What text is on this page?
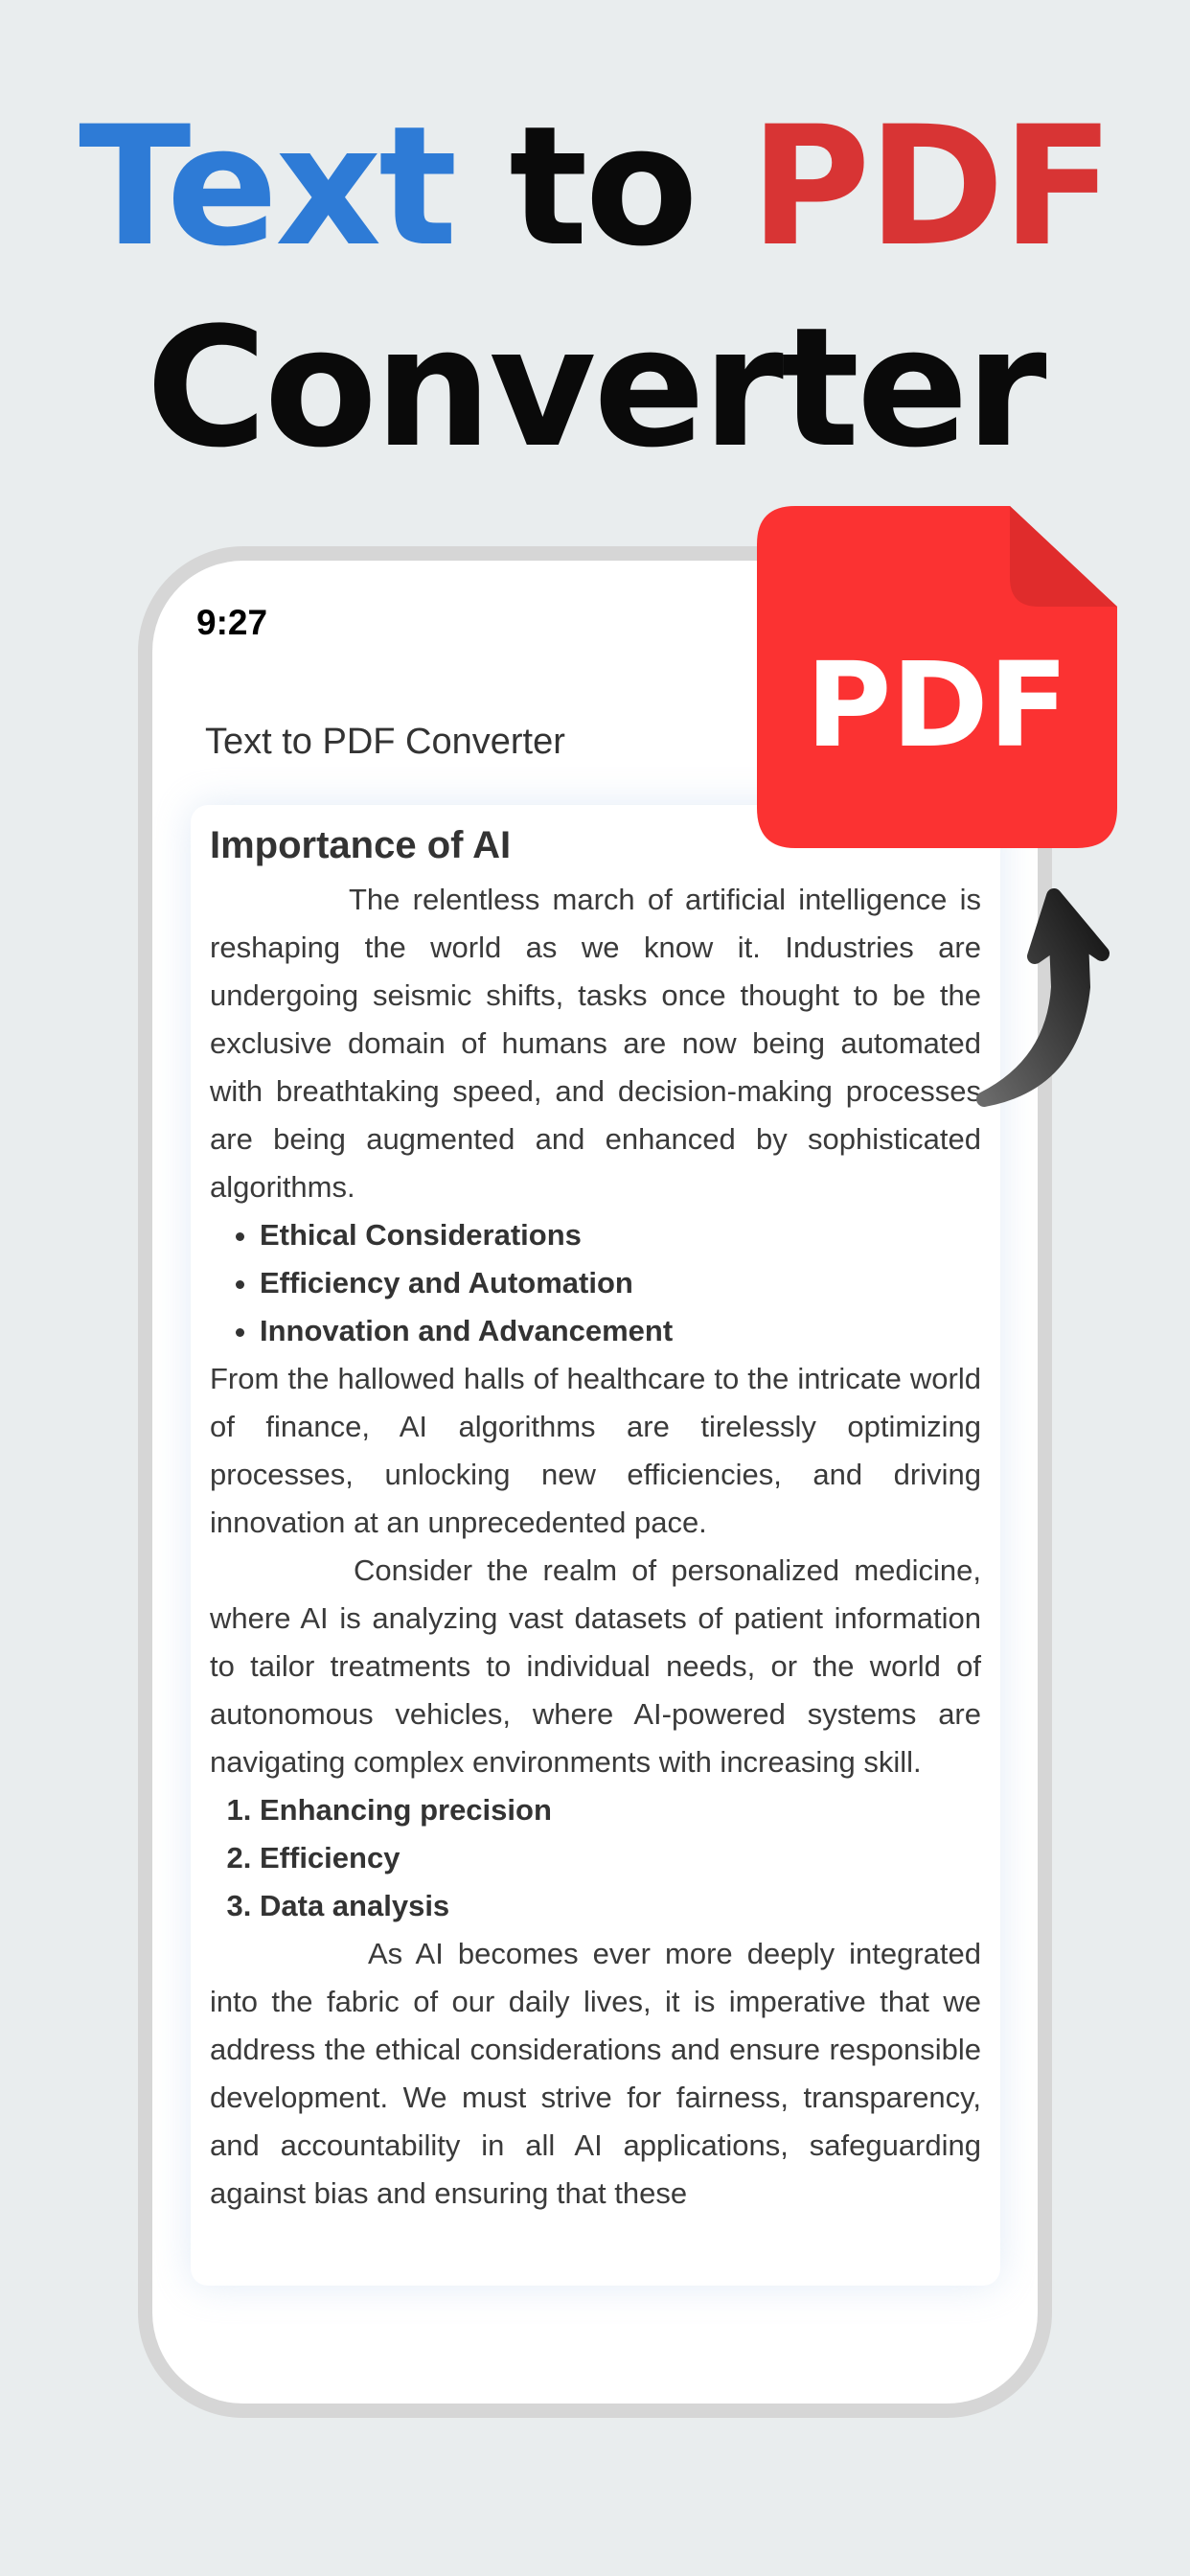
Text to PDF
Converter
9:27
Text to PDF Converter
Importance of AI

The relentless march of artificial intelligence is reshaping the world as we know it. Industries are undergoing seismic shifts, tasks once thought to be the exclusive domain of humans are now being automated with breathtaking speed, and decision-making processes are being augmented and enhanced by sophisticated algorithms.

• Ethical Considerations
• Efficiency and Automation
• Innovation and Advancement

From the hallowed halls of healthcare to the intricate world of finance, AI algorithms are tirelessly optimizing processes, unlocking new efficiencies, and driving innovation at an unprecedented pace.

Consider the realm of personalized medicine, where AI is analyzing vast datasets of patient information to tailor treatments to individual needs, or the world of autonomous vehicles, where AI-powered systems are navigating complex environments with increasing skill.

1. Enhancing precision
2. Efficiency
3. Data analysis

As AI becomes ever more deeply integrated into the fabric of our daily lives, it is imperative that we address the ethical considerations and ensure responsible development. We must strive for fairness, transparency, and accountability in all AI applications, safeguarding against bias and ensuring that these

PDF
